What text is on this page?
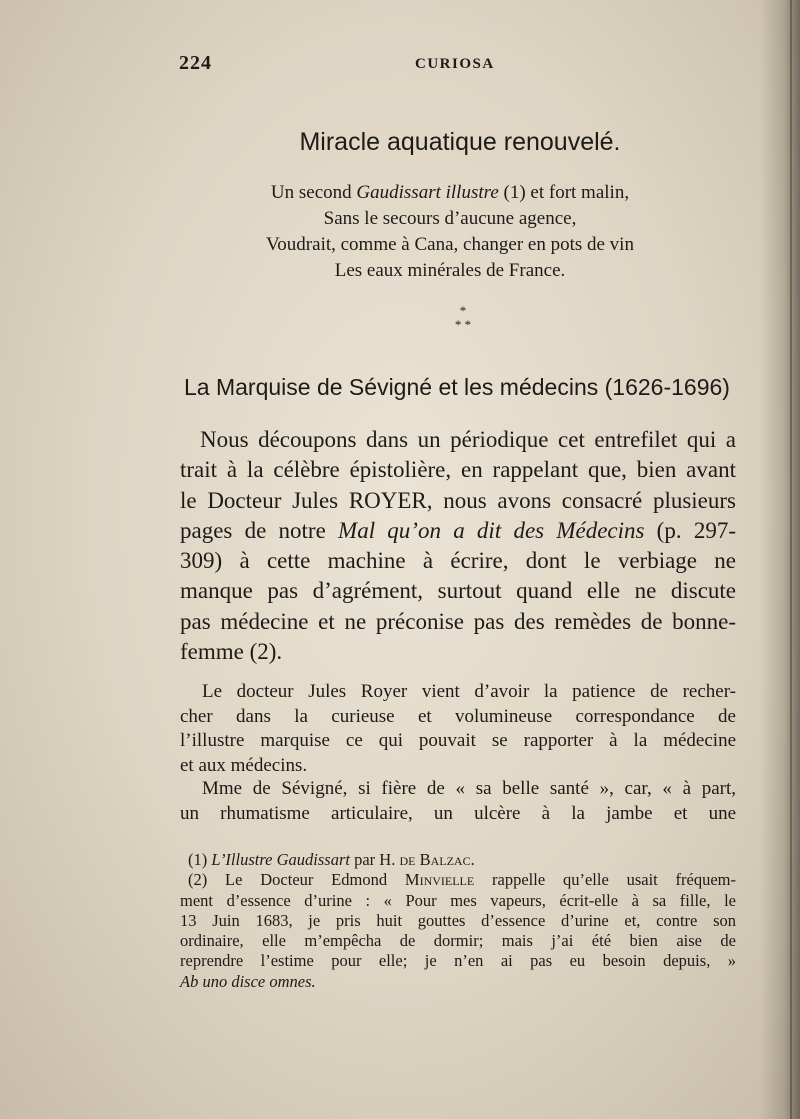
224	CURIOSA
Miracle aquatique renouvelé.
Un second Gaudissart illustre (1) et fort malin,
Sans le secours d’aucune agence,
Voudrait, comme à Cana, changer en pots de vin
Les eaux minérales de France.
*
* *
La Marquise de Sévigné et les médecins (1626-1696)
Nous découpons dans un périodique cet entrefilet qui a
trait à la célèbre épistolière, en rappelant que, bien avant
le Docteur Jules ROYER, nous avons consacré plusieurs
pages de notre Mal qu’on a dit des Médecins (p. 297-
309) à cette machine à écrire, dont le verbiage ne
manque pas d’agrément, surtout quand elle ne discute
pas médecine et ne préconise pas des remèdes de bonne-
femme (2).
Le docteur Jules Royer vient d’avoir la patience de recher-
cher dans la curieuse et volumineuse correspondance de
l’illustre marquise ce qui pouvait se rapporter à la médecine
et aux médecins.
Mme de Sévigné, si fière de « sa belle santé », car, « à part,
un rhumatisme articulaire, un ulcère à la jambe et une
(1) L’Illustre Gaudissart par H. de Balzac.
(2) Le Docteur Edmond Minvielle rappelle qu’elle usait fréquem-
ment d’essence d’urine : « Pour mes vapeurs, écrit-elle à sa fille, le
13 Juin 1683, je pris huit gouttes d’essence d’urine et, contre son
ordinaire, elle m’empêcha de dormir; mais j’ai été bien aise de
reprendre l’estime pour elle; je n’en ai pas eu besoin depuis, »
Ab uno disce omnes.
